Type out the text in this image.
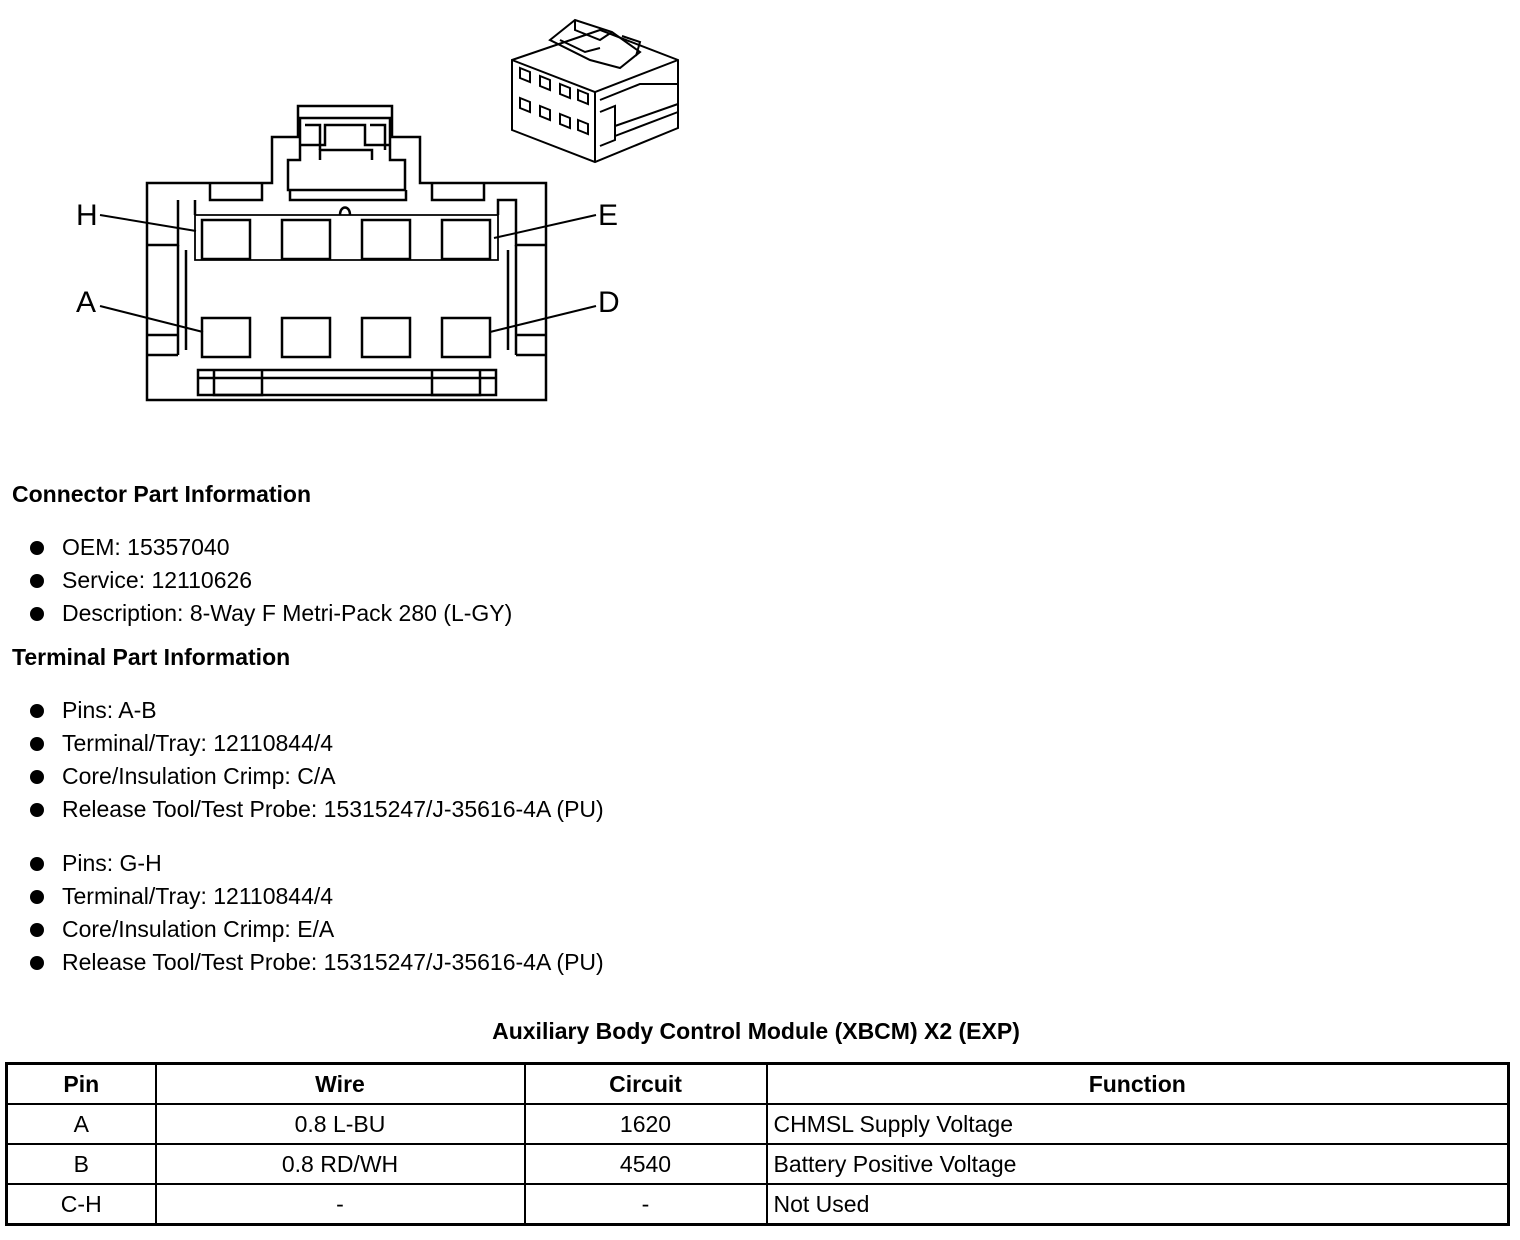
H	E
A	D
Connector Part Information
OEM: 15357040
Service: 12110626
Description: 8-Way F Metri-Pack 280 (L-GY)
Terminal Part Information
Pins: A-B
Terminal/Tray: 12110844/4
Core/Insulation Crimp: C/A
Release Tool/Test Probe: 15315247/J-35616-4A (PU)
Pins: G-H
Terminal/Tray: 12110844/4
Core/Insulation Crimp: E/A
Release Tool/Test Probe: 15315247/J-35616-4A (PU)
Auxiliary Body Control Module (XBCM) X2 (EXP)
Pin	Wire	Circuit	Function
A	0.8 L-BU	1620	CHMSL Supply Voltage
B	0.8 RD/WH	4540	Battery Positive Voltage
C-H	-	-	Not Used
